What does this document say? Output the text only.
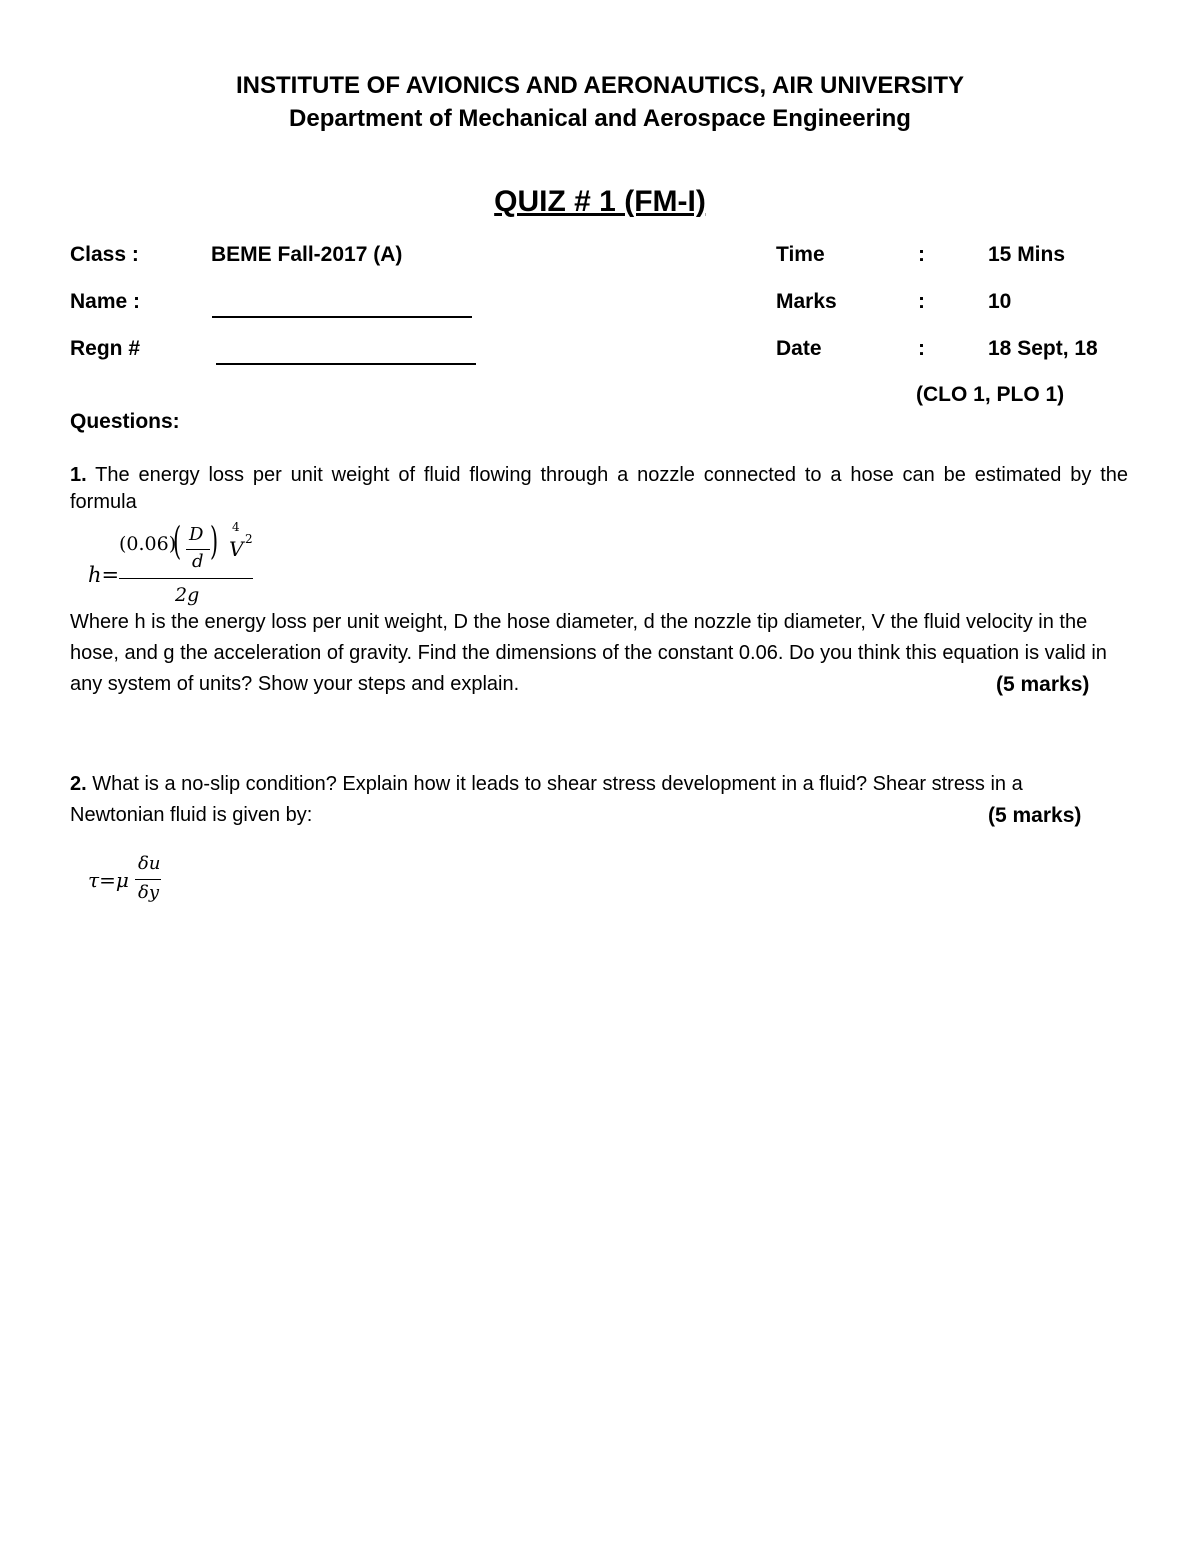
INSTITUTE OF AVIONICS AND AERONAUTICS, AIR UNIVERSITY
Department of Mechanical and Aerospace Engineering
QUIZ # 1 (FM-I)
Class :	BEME Fall-2017 (A)
Name :
Regn #
Time	:	15 Mins
Marks	:	10
Date	:	18 Sept, 18
(CLO 1, PLO 1)
Questions:
1. The energy loss per unit weight of fluid flowing through a nozzle connected to a hose can be estimated by the formula
h=
(0.06)
( D
d ) 4
V 2
2g
Where h is the energy loss per unit weight, D the hose diameter, d the nozzle tip diameter, V the fluid velocity in the hose, and g the acceleration of gravity. Find the dimensions of the constant 0.06. Do you think this equation is valid in any system of units? Show your steps and explain.	(5 marks)
2. What is a no-slip condition? Explain how it leads to shear stress development in a fluid? Shear stress in a Newtonian fluid is given by:	(5 marks)
τ=μ
δu
δy
